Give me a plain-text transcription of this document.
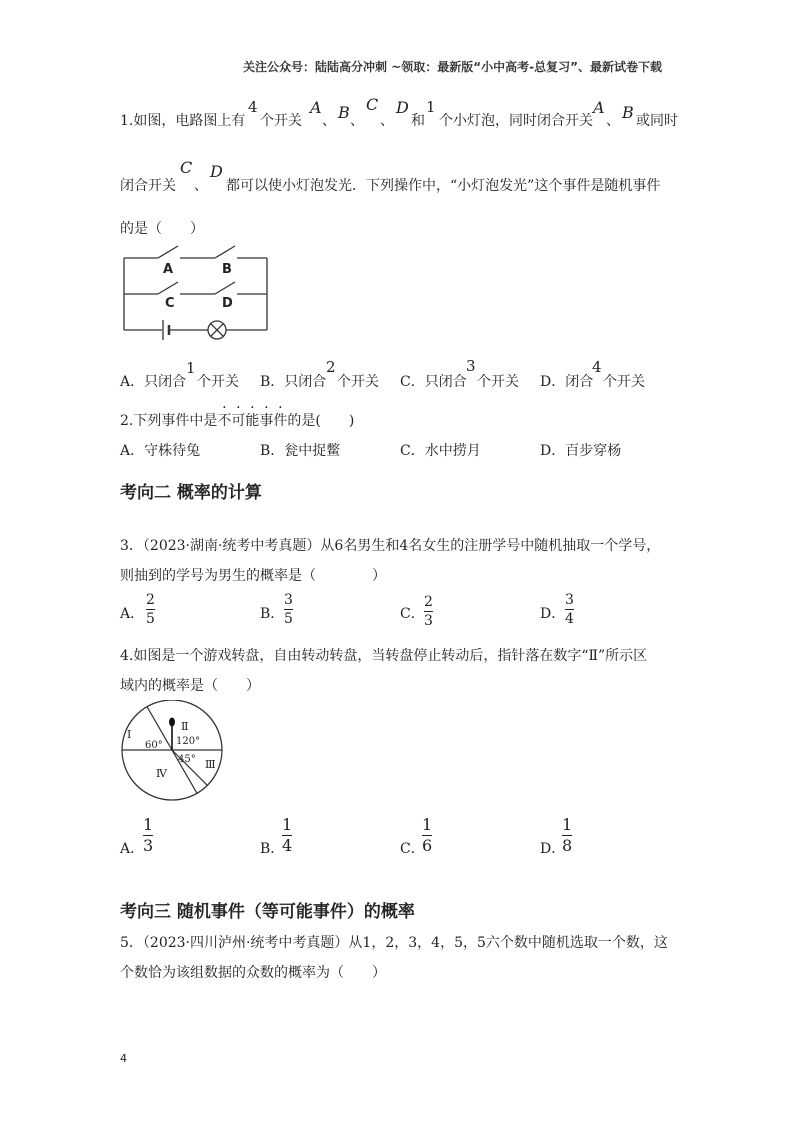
关注公众号：陆陆高分冲刺 ~领取：最新版“小中高考-总复习”、最新试卷下载
1.如图，电路图上有
4
个开关
A
、 B 、
C
、
D
和
1
个小灯泡，同时闭合开关
A
、 B 或同时
闭合开关
C
、
D
都可以使小灯泡发光．下列操作中，“小灯泡发光”这个事件是随机事件
的是（　　）
A	B
C	D
A．只闭合
1
个开关 B．只闭合
2
个开关 C．只闭合
3
个开关 D．闭合
4
个开关
2.下列事件中是不可能事件的是(　　)
A．守株待兔	B．瓮中捉鳖	C．水中捞月	D．百步穿杨
考向二 概率的计算
3．（2023·湖南·统考中考真题）从6名男生和4名女生的注册学号中随机抽取一个学号，
则抽到的学号为男生的概率是（　　　　）
A．
2
5	B．
3
5	C．
2
3	D．
3
4
4.如图是一个游戏转盘，自由转动转盘，当转盘停止转动后，指针落在数字“Ⅱ”所示区
域内的概率是（　　）
Ⅰ
Ⅱ
Ⅲ
Ⅳ
60° 120°
45°
A．
1
3	B．
1
4	C．
1
6	D．
1
8
考向三 随机事件（等可能事件）的概率
5．（2023·四川泸州·统考中考真题）从1，2，3，4，5，5六个数中随机选取一个数，这
个数恰为该组数据的众数的概率为（　　）
4
